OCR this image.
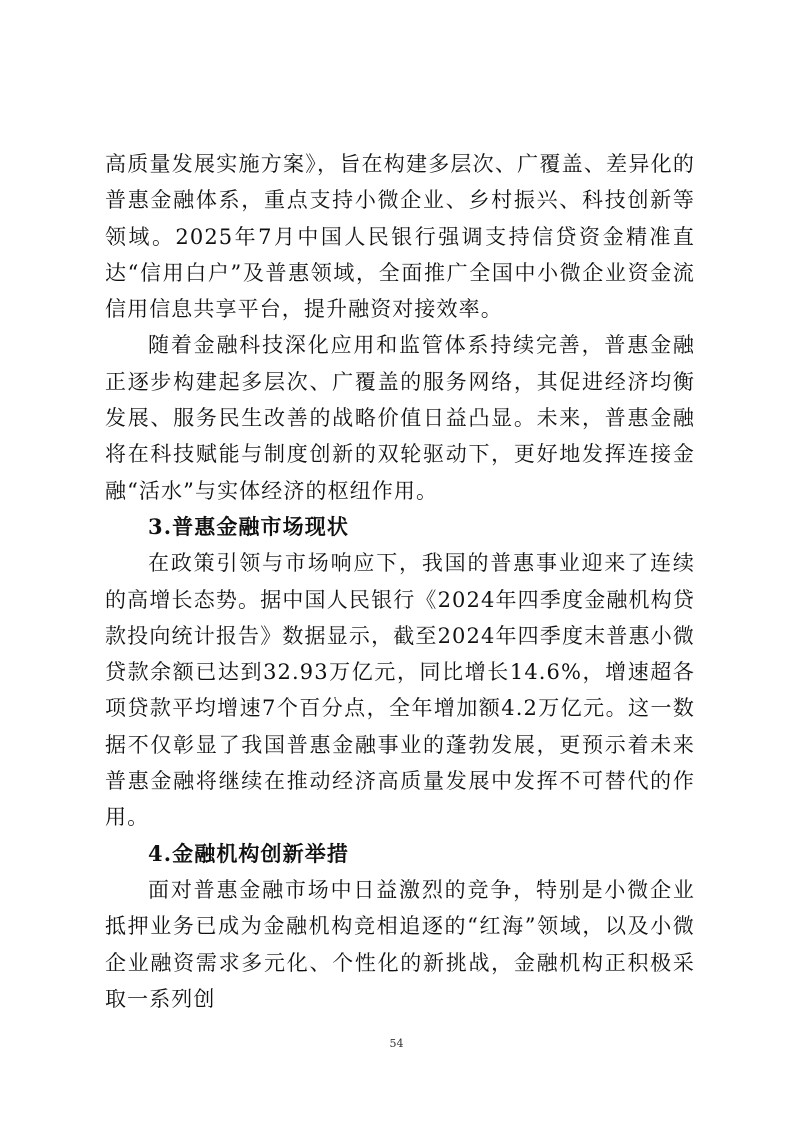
高质量发展实施方案》，旨在构建多层次、广覆盖、差异化的普惠金融体系，重点支持小微企业、乡村振兴、科技创新等领域。2025年7月中国人民银行强调支持信贷资金精准直达“信用白户”及普惠领域，全面推广全国中小微企业资金流信用信息共享平台，提升融资对接效率。

随着金融科技深化应用和监管体系持续完善，普惠金融正逐步构建起多层次、广覆盖的服务网络，其促进经济均衡发展、服务民生改善的战略价值日益凸显。未来，普惠金融将在科技赋能与制度创新的双轮驱动下，更好地发挥连接金融“活水”与实体经济的枢纽作用。

3.普惠金融市场现状

在政策引领与市场响应下，我国的普惠事业迎来了连续的高增长态势。据中国人民银行《2024年四季度金融机构贷款投向统计报告》数据显示，截至2024年四季度末普惠小微贷款余额已达到32.93万亿元，同比增长14.6%，增速超各项贷款平均增速7个百分点，全年增加额4.2万亿元。这一数据不仅彰显了我国普惠金融事业的蓬勃发展，更预示着未来普惠金融将继续在推动经济高质量发展中发挥不可替代的作用。

4.金融机构创新举措

面对普惠金融市场中日益激烈的竞争，特别是小微企业抵押业务已成为金融机构竞相追逐的“红海”领域，以及小微企业融资需求多元化、个性化的新挑战，金融机构正积极采取一系列创

54
